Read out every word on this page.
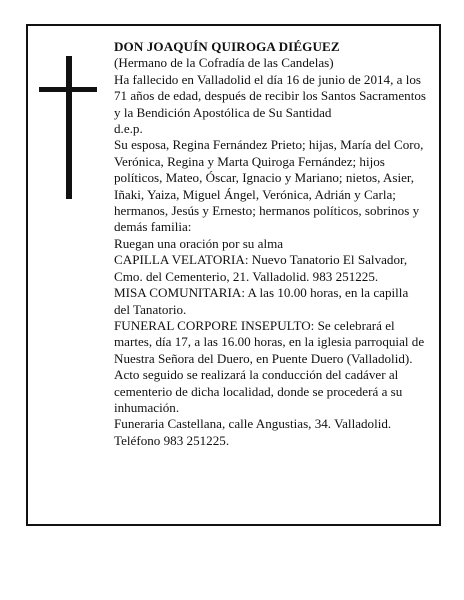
DON JOAQUÍN QUIROGA DIÉGUEZ

(Hermano de la Cofradía de las Candelas)

Ha fallecido en Valladolid el día 16 de junio de 2014, a los 71 años de edad, después de recibir los Santos Sacramentos y la Bendición Apostólica de Su Santidad

d.e.p.

Su esposa, Regina Fernández Prieto; hijas, María del Coro, Verónica, Regina y Marta Quiroga Fernández; hijos políticos, Mateo, Óscar, Ignacio y Mariano; nietos, Asier, Iñaki, Yaiza, Miguel Ángel, Verónica, Adrián y Carla; hermanos, Jesús y Ernesto; hermanos políticos, sobrinos y demás familia:

Ruegan una oración por su alma

CAPILLA VELATORIA: Nuevo Tanatorio El Salvador, Cmo. del Cementerio, 21. Valladolid. 983 251225.

MISA COMUNITARIA: A las 10.00 horas, en la capilla del Tanatorio.

FUNERAL CORPORE INSEPULTO: Se celebrará el martes, día 17, a las 16.00 horas, en la iglesia parroquial de Nuestra Señora del Duero, en Puente Duero (Valladolid). Acto seguido se realizará la conducción del cadáver al cementerio de dicha localidad, donde se procederá a su inhumación.

Funeraria Castellana, calle Angustias, 34. Valladolid. Teléfono 983 251225.
